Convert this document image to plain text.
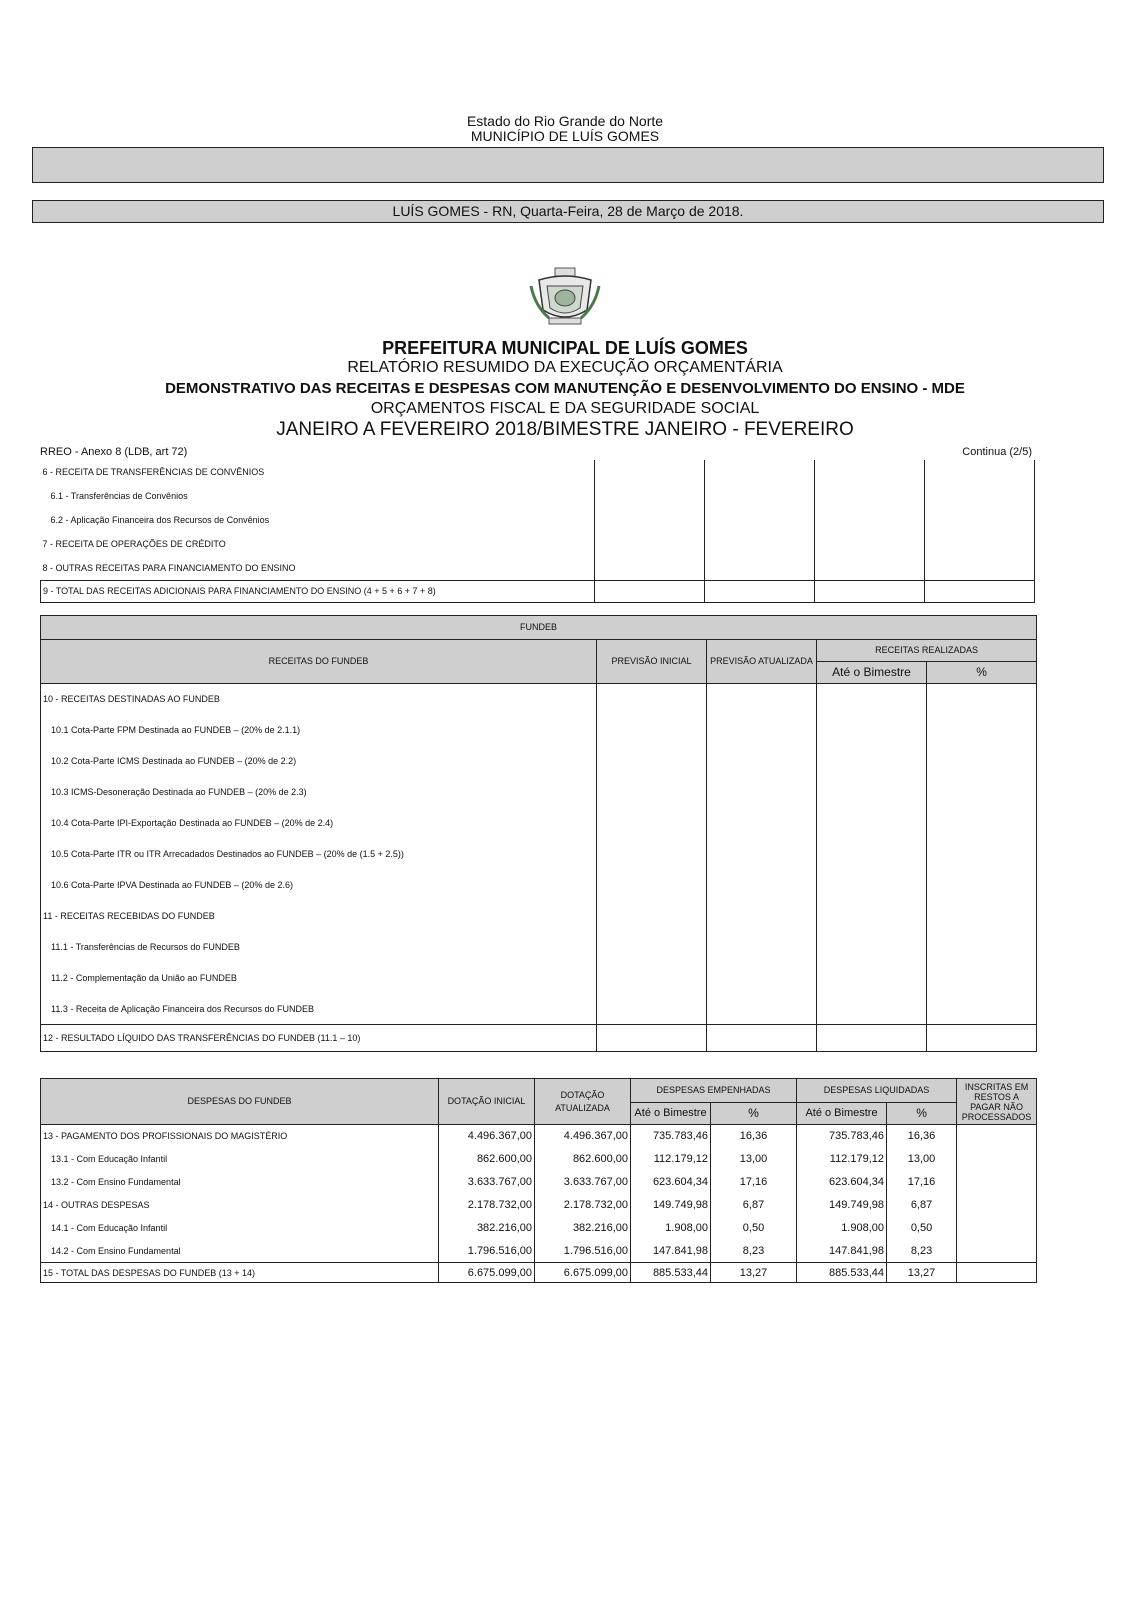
Estado do Rio Grande do Norte
MUNICÍPIO DE LUÍS GOMES
LUÍS GOMES - RN, Quarta-Feira, 28 de Março de 2018.
PREFEITURA MUNICIPAL DE LUÍS GOMES
RELATÓRIO RESUMIDO DA EXECUÇÃO ORÇAMENTÁRIA
DEMONSTRATIVO DAS RECEITAS E DESPESAS COM MANUTENÇÃO E DESENVOLVIMENTO DO ENSINO - MDE
ORÇAMENTOS FISCAL E DA SEGURIDADE SOCIAL
JANEIRO A FEVEREIRO 2018/BIMESTRE JANEIRO - FEVEREIRO
RREO - Anexo 8 (LDB, art 72)	Continua (2/5)
6 - RECEITA DE TRANSFERÊNCIAS DE CONVÊNIOS				
6.1 - Transferências de Convênios				
6.2 - Aplicação Financeira dos Recursos de Convênios				
7 - RECEITA DE OPERAÇÕES DE CRÉDITO				
8 - OUTRAS RECEITAS PARA FINANCIAMENTO DO ENSINO				
9 - TOTAL DAS RECEITAS ADICIONAIS PARA FINANCIAMENTO DO ENSINO (4 + 5 + 6 + 7 + 8)				
FUNDEB				
RECEITAS DO FUNDEB	PREVISÃO INICIAL	PREVISÃO ATUALIZADA	RECEITAS REALIZADAS	
			Até o Bimestre	%
10 - RECEITAS DESTINADAS AO FUNDEB				
10.1 Cota-Parte FPM Destinada ao FUNDEB – (20% de 2.1.1)				
10.2 Cota-Parte ICMS Destinada ao FUNDEB – (20% de 2.2)				
10.3 ICMS-Desoneração Destinada ao FUNDEB – (20% de 2.3)				
10.4 Cota-Parte IPI-Exportação Destinada ao FUNDEB – (20% de 2.4)				
10.5 Cota-Parte ITR ou ITR Arrecadados Destinados ao FUNDEB – (20% de (1.5 + 2.5))				
10.6 Cota-Parte IPVA Destinada ao FUNDEB – (20% de 2.6)				
11 - RECEITAS RECEBIDAS DO FUNDEB				
11.1 - Transferências de Recursos do FUNDEB				
11.2 - Complementação da União ao FUNDEB				
11.3 - Receita de Aplicação Financeira dos Recursos do FUNDEB				
12 - RESULTADO LÍQUIDO DAS TRANSFERÊNCIAS DO FUNDEB (11.1 – 10)				
DESPESAS DO FUNDEB	DOTAÇÃO INICIAL	DOTAÇÃO ATUALIZADA	DESPESAS EMPENHADAS		DESPESAS LIQUIDADAS		INSCRITAS EM RESTOS A PAGAR NÃO PROCESSADOS
			Até o Bimestre	%	Até o Bimestre	%	
13 - PAGAMENTO DOS PROFISSIONAIS DO MAGISTÉRIO	4.496.367,00	4.496.367,00	735.783,46	16,36	735.783,46	16,36	
13.1 - Com Educação Infantil	862.600,00	862.600,00	112.179,12	13,00	112.179,12	13,00	
13.2 - Com Ensino Fundamental	3.633.767,00	3.633.767,00	623.604,34	17,16	623.604,34	17,16	
14 - OUTRAS DESPESAS	2.178.732,00	2.178.732,00	149.749,98	6,87	149.749,98	6,87	
14.1 - Com Educação Infantil	382.216,00	382.216,00	1.908,00	0,50	1.908,00	0,50	
14.2 - Com Ensino Fundamental	1.796.516,00	1.796.516,00	147.841,98	8,23	147.841,98	8,23	
15 - TOTAL DAS DESPESAS DO FUNDEB (13 + 14)	6.675.099,00	6.675.099,00	885.533,44	13,27	885.533,44	13,27	
